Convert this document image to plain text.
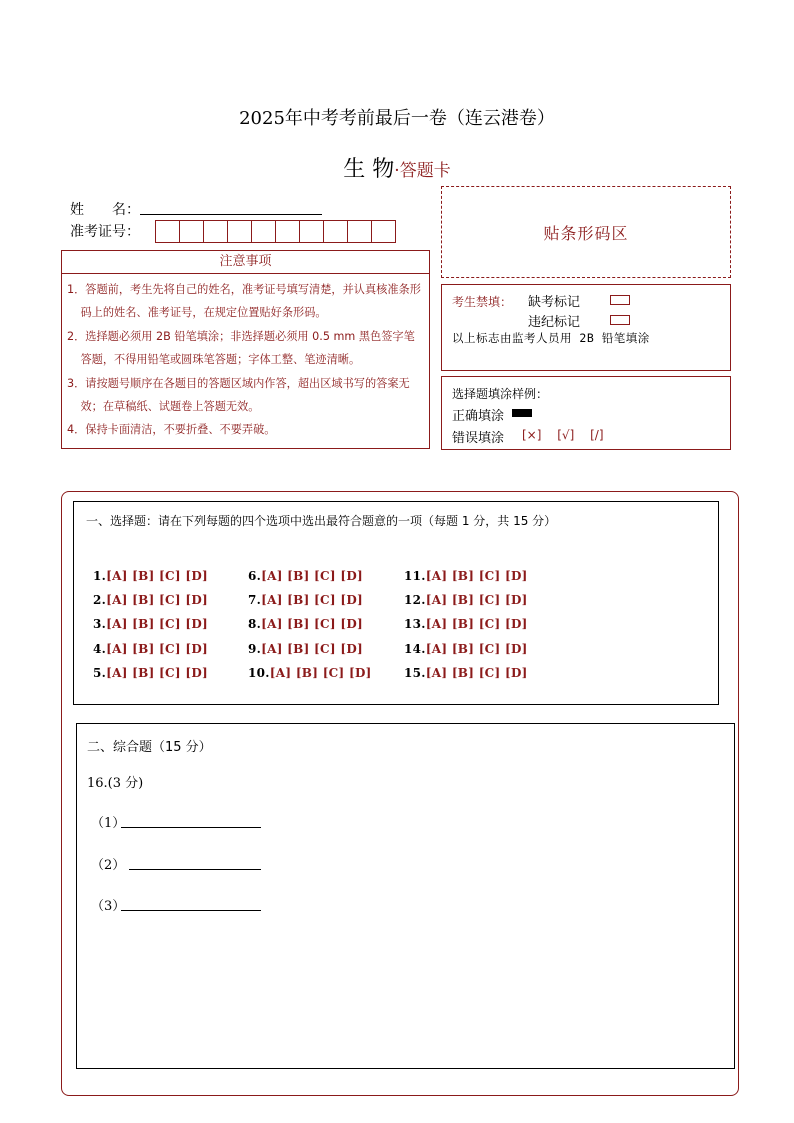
2025年中考考前最后一卷（连云港卷）
生 物·答题卡
姓　　名：
准考证号：	贴条形码区
注意事项
1．答题前，考生先将自己的姓名，准考证号填写清楚，并认真核准条形码上的姓名、准考证号，在规定位置贴好条形码。
2．选择题必须用 2B 铅笔填涂；非选择题必须用 0.5 mm 黑色签字笔答题，不得用铅笔或圆珠笔答题；字体工整、笔迹清晰。
3．请按题号顺序在各题目的答题区域内作答，超出区域书写的答案无效；在草稿纸、试题卷上答题无效。
4．保持卡面清洁，不要折叠、不要弄破。
考生禁填： 缺考标记
违纪标记
以上标志由监考人员用 2B 铅笔填涂
选择题填涂样例：
正确填涂
错误填涂 [×] [√] [/]
一、选择题：请在下列每题的四个选项中选出最符合题意的一项（每题 1 分，共 15 分）
1.[A] [B] [C] [D]
2.[A] [B] [C] [D]
3.[A] [B] [C] [D]
4.[A] [B] [C] [D]
5.[A] [B] [C] [D]
6.[A] [B] [C] [D]
7.[A] [B] [C] [D]
8.[A] [B] [C] [D]
9.[A] [B] [C] [D]
10.[A] [B] [C] [D]
11.[A] [B] [C] [D]
12.[A] [B] [C] [D]
13.[A] [B] [C] [D]
14.[A] [B] [C] [D]
15.[A] [B] [C] [D]
二、综合题（15 分）
16.(3 分)
（1）
（2）
（3）
